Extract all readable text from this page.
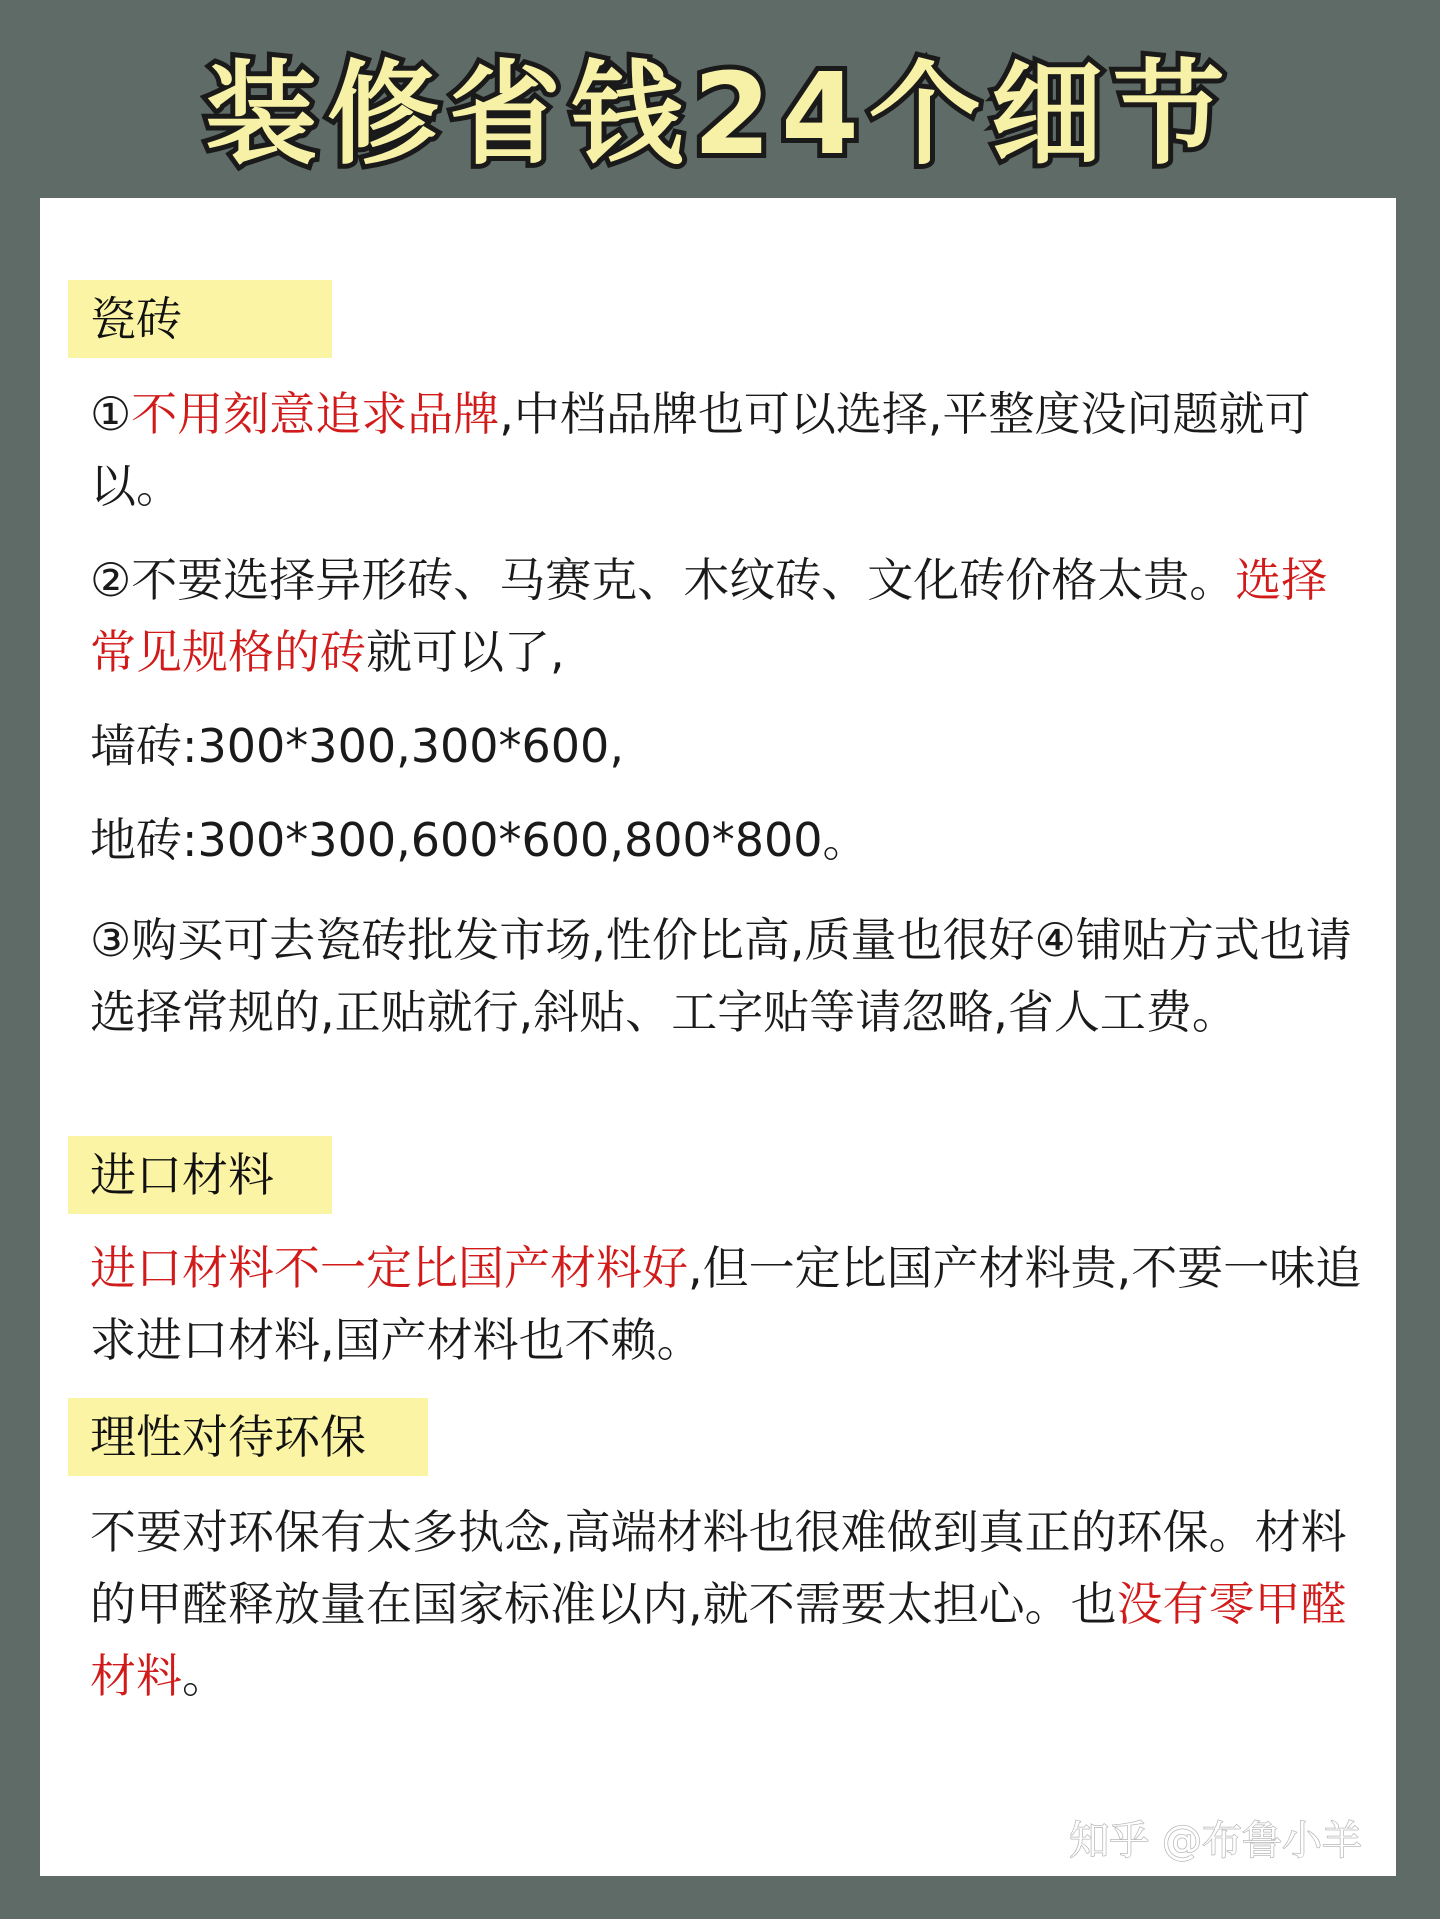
装修省钱24个细节
瓷砖
①不用刻意追求品牌,中档品牌也可以选择,平整度没问题就可以。
②不要选择异形砖、马赛克、木纹砖、文化砖价格太贵。选择常见规格的砖就可以了,
墙砖:300*300,300*600,
地砖:300*300,600*600,800*800。
③购买可去瓷砖批发市场,性价比高,质量也很好④铺贴方式也请选择常规的,正贴就行,斜贴、工字贴等请忽略,省人工费。
进口材料
进口材料不一定比国产材料好,但一定比国产材料贵,不要一味追求进口材料,国产材料也不赖。
理性对待环保
不要对环保有太多执念,高端材料也很难做到真正的环保。材料的甲醛释放量在国家标准以内,就不需要太担心。也没有零甲醛材料。
知乎 @布鲁小羊
